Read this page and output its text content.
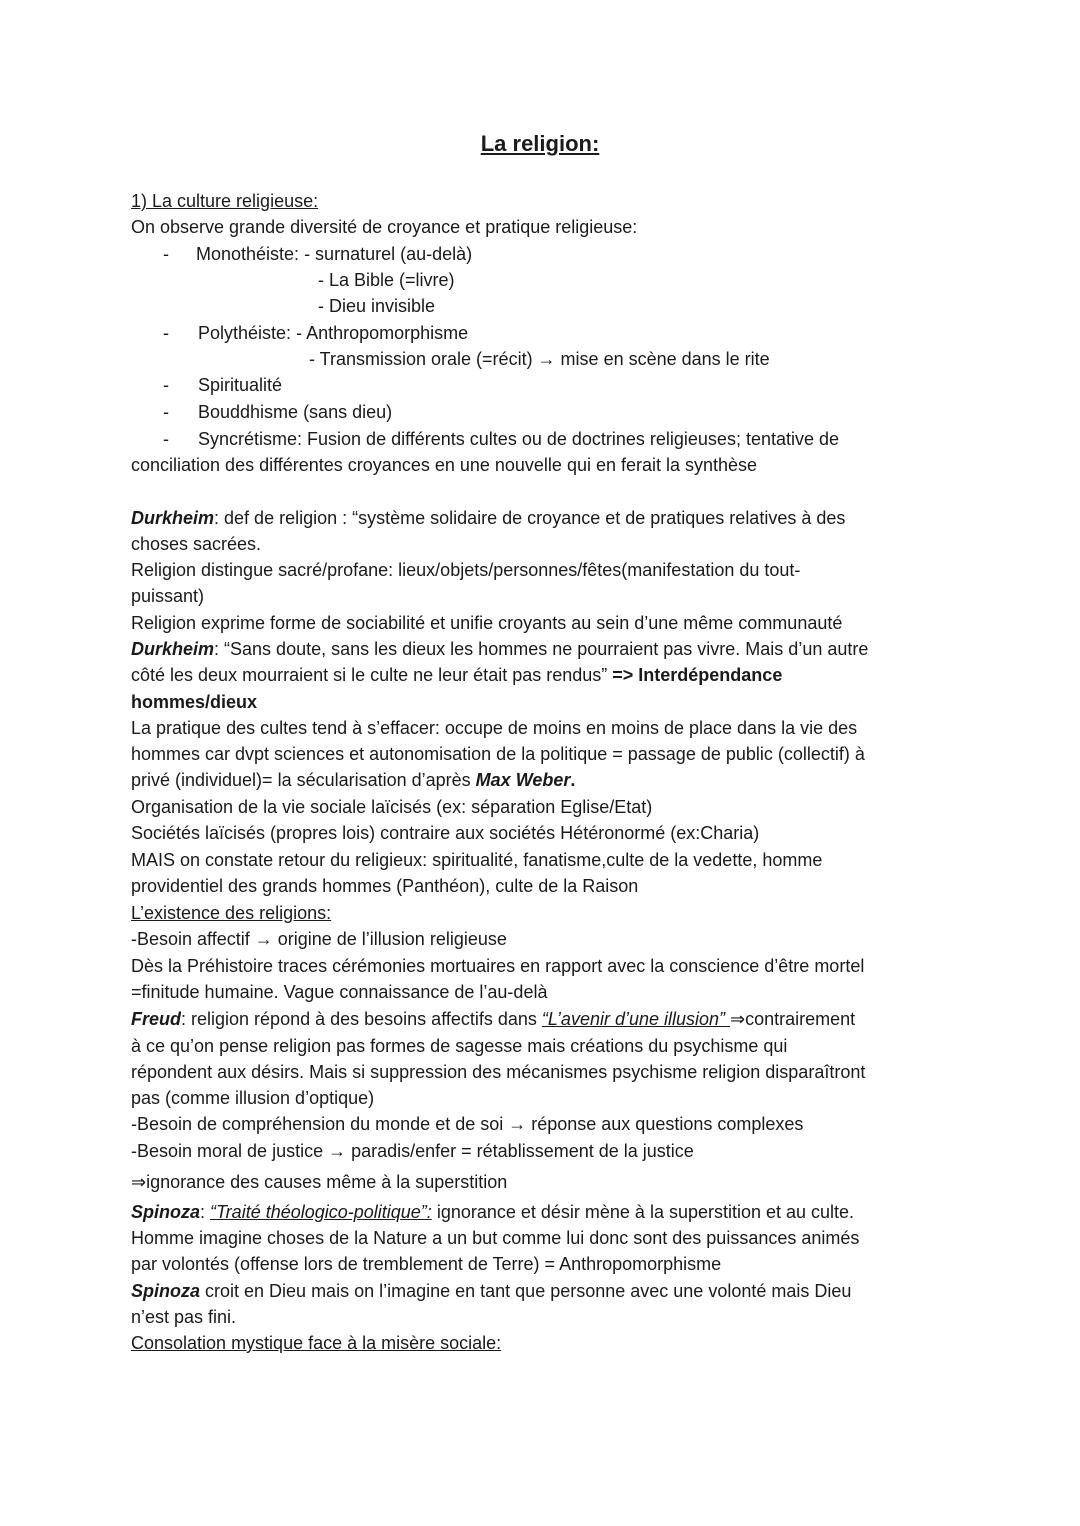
La religion:
1) La culture religieuse:
On observe grande diversité de croyance et pratique religieuse:
- Monothéiste: - surnaturel (au-delà)
- La Bible (=livre)
- Dieu invisible
- Polythéiste: - Anthropomorphisme
- Transmission orale (=récit) → mise en scène dans le rite
- Spiritualité
- Bouddhisme (sans dieu)
- Syncrétisme: Fusion de différents cultes ou de doctrines religieuses; tentative de
conciliation des différentes croyances en une nouvelle qui en ferait la synthèse
Durkheim: def de religion : “système solidaire de croyance et de pratiques relatives à des
choses sacrées.
Religion distingue sacré/profane: lieux/objets/personnes/fêtes(manifestation du tout-
puissant)
Religion exprime forme de sociabilité et unifie croyants au sein d’une même communauté
Durkheim: “Sans doute, sans les dieux les hommes ne pourraient pas vivre. Mais d’un autre
côté les deux mourraient si le culte ne leur était pas rendus” => Interdépendance
hommes/dieux
La pratique des cultes tend à s’effacer: occupe de moins en moins de place dans la vie des
hommes car dvpt sciences et autonomisation de la politique = passage de public (collectif) à
privé (individuel)= la sécularisation d’après Max Weber.
Organisation de la vie sociale laïcisés (ex: séparation Eglise/Etat)
Sociétés laïcisés (propres lois) contraire aux sociétés Hétéronormé (ex:Charia)
MAIS on constate retour du religieux: spiritualité, fanatisme,culte de la vedette, homme
providentiel des grands hommes (Panthéon), culte de la Raison
L’existence des religions:
-Besoin affectif → origine de l’illusion religieuse
Dès la Préhistoire traces cérémonies mortuaires en rapport avec la conscience d’être mortel
=finitude humaine. Vague connaissance de l’au-delà
Freud: religion répond à des besoins affectifs dans “L’avenir d’une illusion” ⇒contrairement
à ce qu’on pense religion pas formes de sagesse mais créations du psychisme qui
répondent aux désirs. Mais si suppression des mécanismes psychisme religion disparaîtront
pas (comme illusion d’optique)
-Besoin de compréhension du monde et de soi → réponse aux questions complexes
-Besoin moral de justice → paradis/enfer = rétablissement de la justice
⇒ignorance des causes même à la superstition
Spinoza: “Traité théologico-politique”: ignorance et désir mène à la superstition et au culte.
Homme imagine choses de la Nature a un but comme lui donc sont des puissances animés
par volontés (offense lors de tremblement de Terre) = Anthropomorphisme
Spinoza croit en Dieu mais on l’imagine en tant que personne avec une volonté mais Dieu
n’est pas fini.
Consolation mystique face à la misère sociale:
